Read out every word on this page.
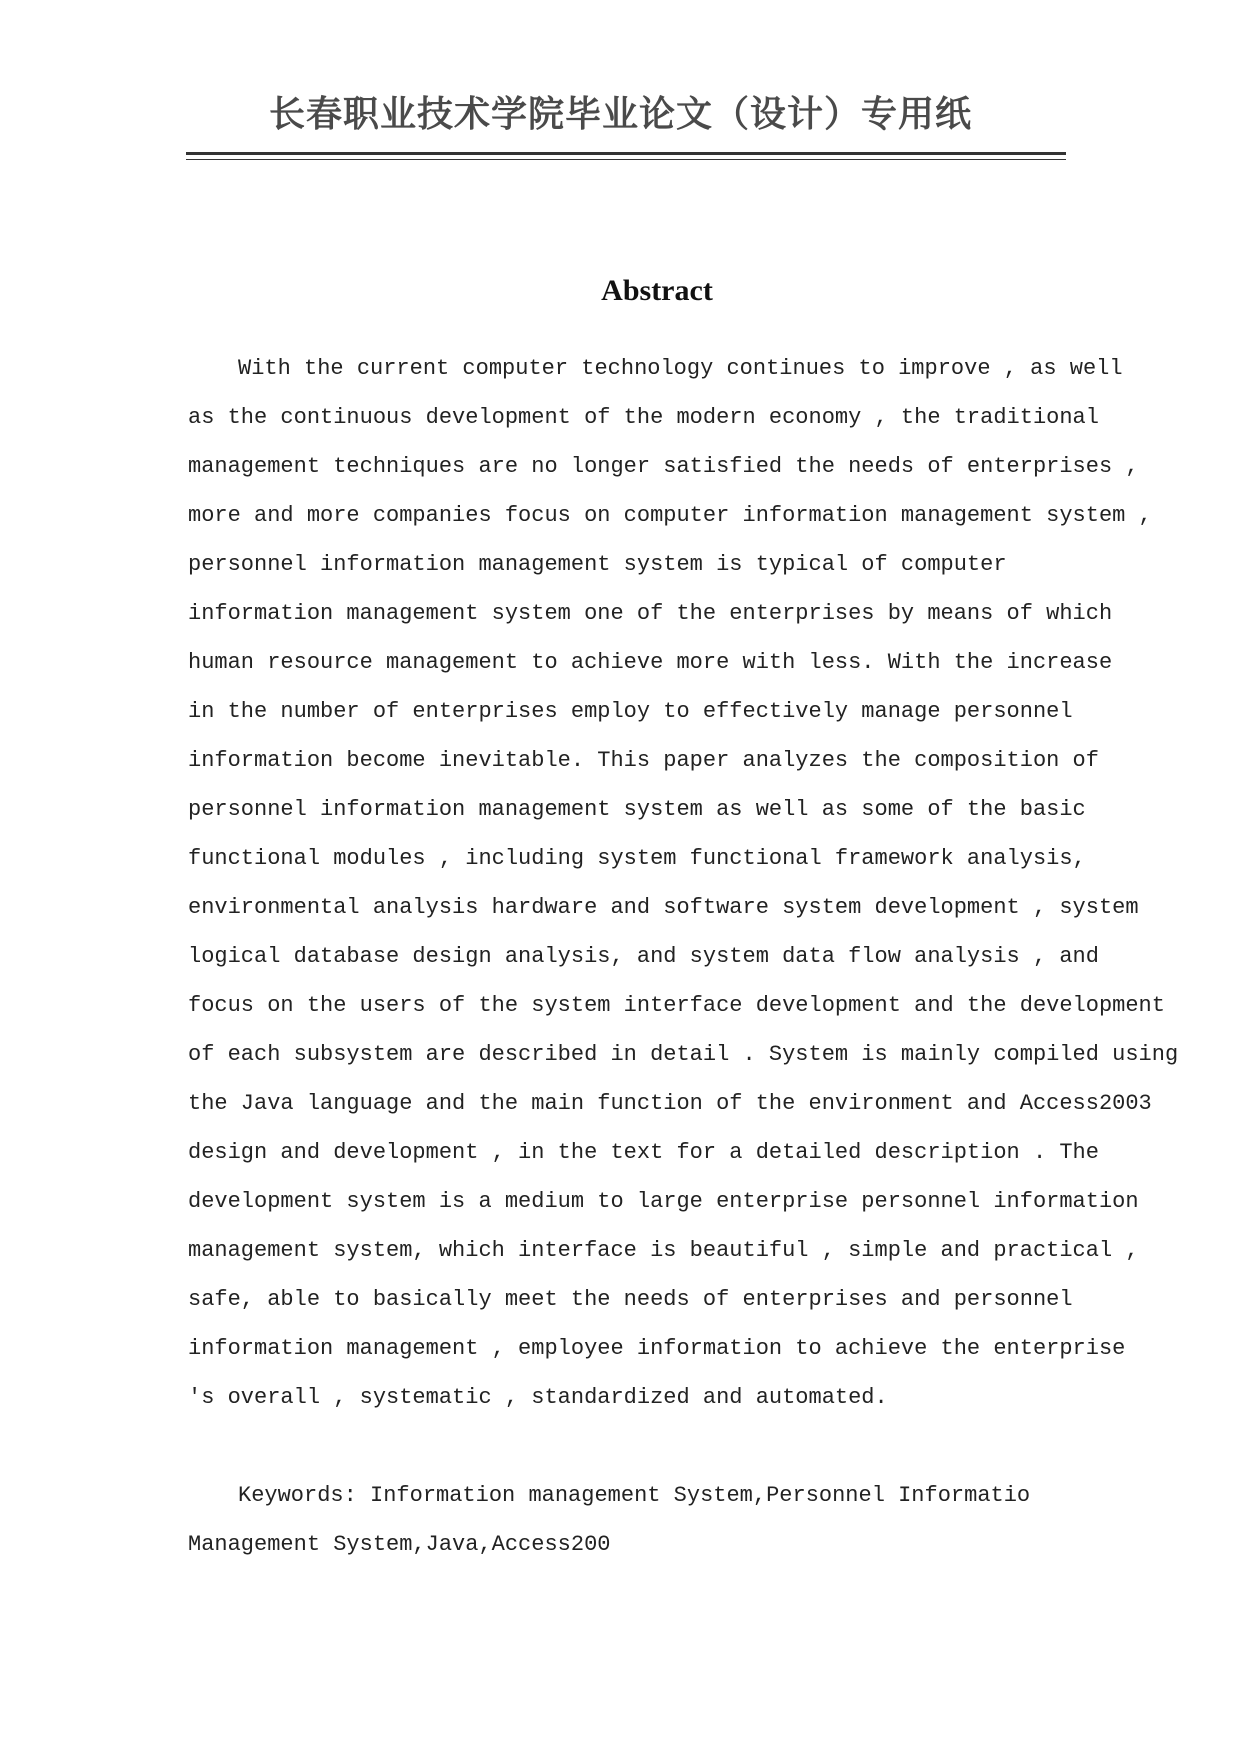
长春职业技术学院毕业论文（设计）专用纸
Abstract
With the current computer technology continues to improve , as well
as the continuous development of the modern economy , the traditional
management techniques are no longer satisfied the needs of enterprises ,
more and more companies focus on computer information management system ,
personnel information management system is typical of computer
information management system one of the enterprises by means of which
human resource management to achieve more with less. With the increase
in the number of enterprises employ to effectively manage personnel
information become inevitable. This paper analyzes the composition of
personnel information management system as well as some of the basic
functional modules , including system functional framework analysis,
environmental analysis hardware and software system development , system
logical database design analysis, and system data flow analysis , and
focus on the users of the system interface development and the development
of each subsystem are described in detail . System is mainly compiled using
the Java language and the main function of the environment and Access2003
design and development , in the text for a detailed description . The
development system is a medium to large enterprise personnel information
management system, which interface is beautiful , simple and practical ,
safe, able to basically meet the needs of enterprises and personnel
information management , employee information to achieve the enterprise
's overall , systematic , standardized and automated.
Keywords: Information management System,Personnel Informatio
Management System,Java,Access200
